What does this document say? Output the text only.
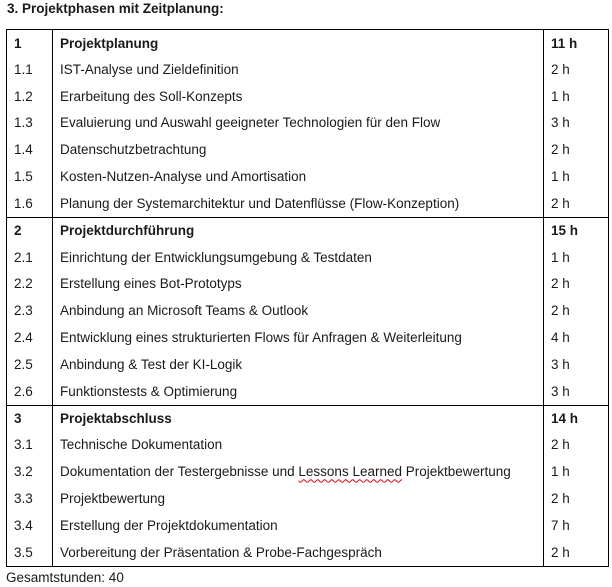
3. Projektphasen mit Zeitplanung:
1	Projektplanung	11 h
1.1	IST-Analyse und Zieldefinition	2 h
1.2	Erarbeitung des Soll-Konzepts	1 h
1.3	Evaluierung und Auswahl geeigneter Technologien für den Flow	3 h
1.4	Datenschutzbetrachtung	2 h
1.5	Kosten-Nutzen-Analyse und Amortisation	1 h
1.6	Planung der Systemarchitektur und Datenflüsse (Flow-Konzeption)	2 h
2	Projektdurchführung	15 h
2.1	Einrichtung der Entwicklungsumgebung & Testdaten	1 h
2.2	Erstellung eines Bot-Prototyps	2 h
2.3	Anbindung an Microsoft Teams & Outlook	2 h
2.4	Entwicklung eines strukturierten Flows für Anfragen & Weiterleitung	4 h
2.5	Anbindung & Test der KI-Logik	3 h
2.6	Funktionstests & Optimierung	3 h
3	Projektabschluss	14 h
3.1	Technische Dokumentation	2 h
3.2	Dokumentation der Testergebnisse und Lessons Learned Projektbewertung	1 h
3.3	Projektbewertung	2 h
3.4	Erstellung der Projektdokumentation	7 h
3.5	Vorbereitung der Präsentation & Probe-Fachgespräch	2 h
Gesamtstunden: 40
